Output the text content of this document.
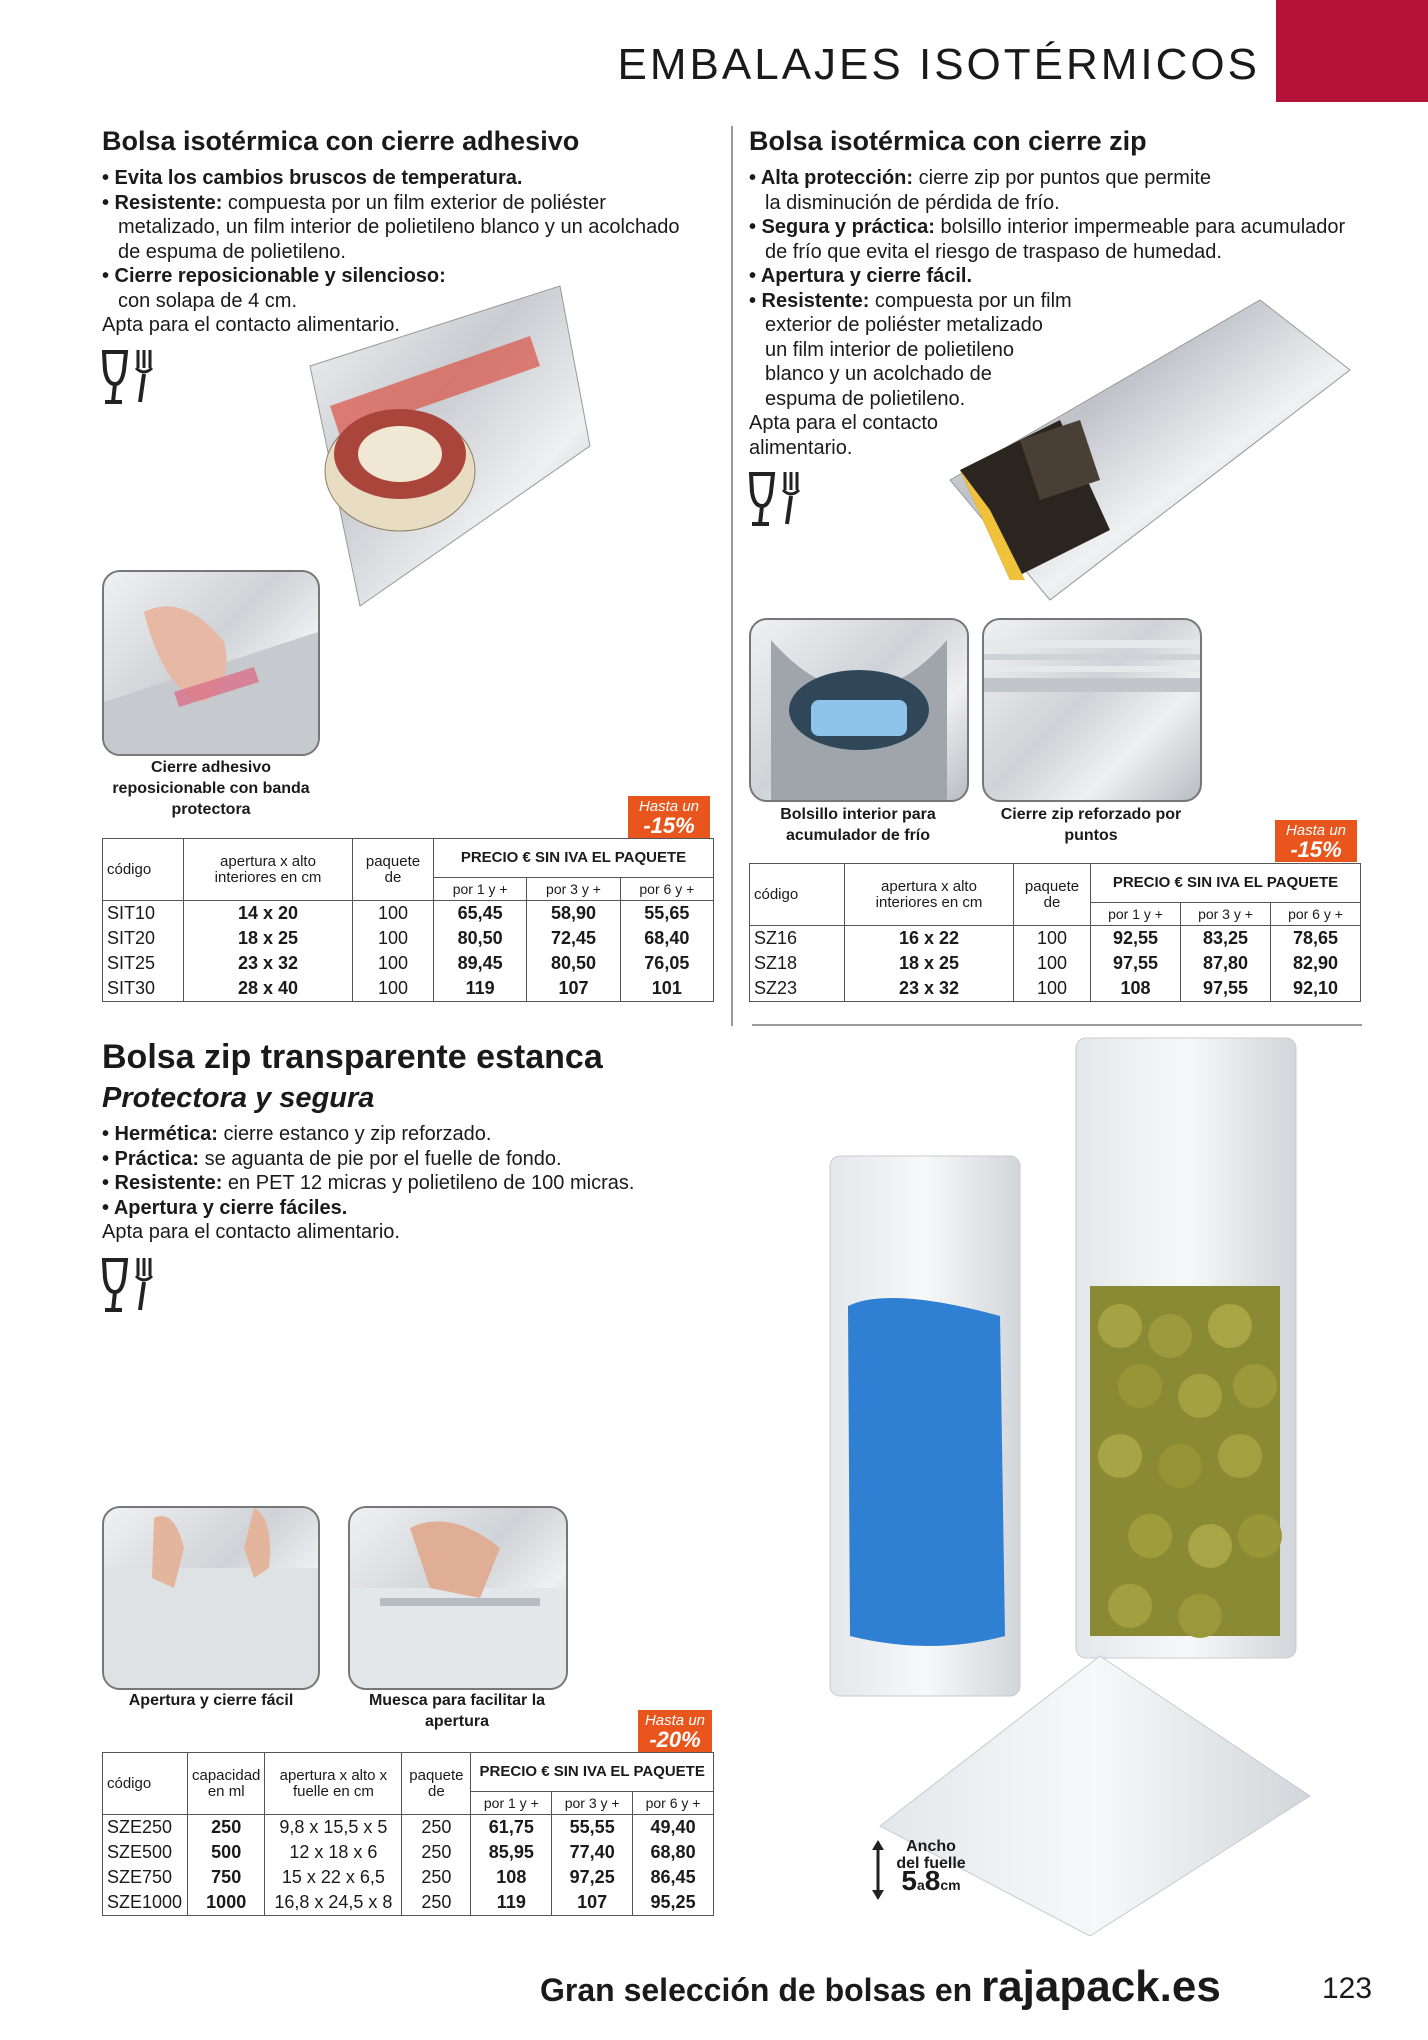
EMBALAJES ISOTÉRMICOS
Bolsa isotérmica con cierre adhesivo
• Evita los cambios bruscos de temperatura.
• Resistente: compuesta por un film exterior de poliéster
metalizado, un film interior de polietileno blanco y un acolchado
de espuma de polietileno.
• Cierre reposicionable y silencioso:
con solapa de 4 cm.
Apta para el contacto alimentario.
Cierre adhesivo reposicionable con banda protectora	Hasta un
-15%
código	apertura x alto interiores en cm	paquete de	PRECIO € SIN IVA EL PAQUETE		
			por 1 y +	por 3 y +	por 6 y +
SIT10	14 x 20	100	65,45	58,90	55,65
SIT20	18 x 25	100	80,50	72,45	68,40
SIT25	23 x 32	100	89,45	80,50	76,05
SIT30	28 x 40	100	119	107	101
Bolsa isotérmica con cierre zip
• Alta protección: cierre zip por puntos que permite
la disminución de pérdida de frío.
• Segura y práctica: bolsillo interior impermeable para acumulador
de frío que evita el riesgo de traspaso de humedad.
• Apertura y cierre fácil.
• Resistente: compuesta por un film
exterior de poliéster metalizado
un film interior de polietileno
blanco y un acolchado de
espuma de polietileno.
Apta para el contacto
alimentario.
Bolsillo interior para acumulador de frío
Cierre zip reforzado por puntos	Hasta un
-15%
código	apertura x alto interiores en cm	paquete de	PRECIO € SIN IVA EL PAQUETE		
			por 1 y +	por 3 y +	por 6 y +
SZ16	16 x 22	100	92,55	83,25	78,65
SZ18	18 x 25	100	97,55	87,80	82,90
SZ23	23 x 32	100	108	97,55	92,10
Bolsa zip transparente estanca
Protectora y segura
• Hermética: cierre estanco y zip reforzado.
• Práctica: se aguanta de pie por el fuelle de fondo.
• Resistente: en PET 12 micras y polietileno de 100 micras.
• Apertura y cierre fáciles.
Apta para el contacto alimentario.
Ancho
del fuelle
5a8cm
Apertura y cierre fácil	Muesca para facilitar la apertura	Hasta un
-20%
código	capacidad en ml	apertura x alto x fuelle en cm	paquete de	PRECIO € SIN IVA EL PAQUETE		
				por 1 y +	por 3 y +	por 6 y +
SZE250	250	9,8 x 15,5 x 5	250	61,75	55,55	49,40
SZE500	500	12 x 18 x 6	250	85,95	77,40	68,80
SZE750	750	15 x 22 x 6,5	250	108	97,25	86,45
SZE1000	1000	16,8 x 24,5 x 8	250	119	107	95,25
Gran selección de bolsas en rajapack.es	123
